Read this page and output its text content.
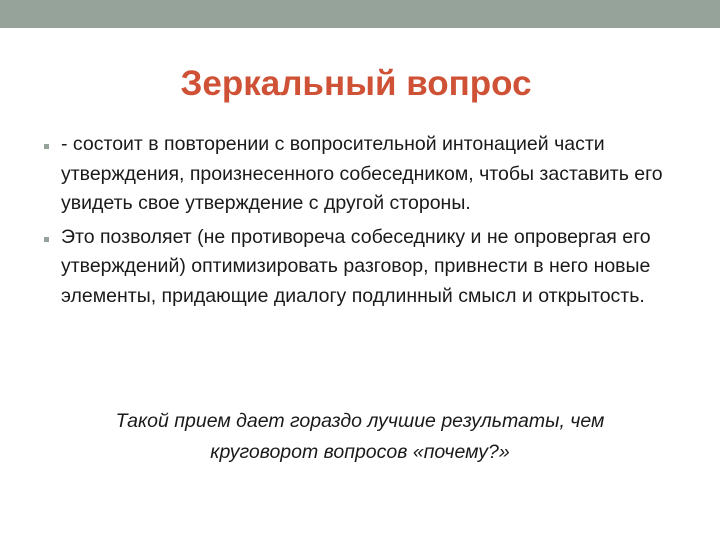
Зеркальный вопрос
- состоит в повторении с вопросительной интонацией части утверждения, произнесенного собеседником, чтобы заставить его увидеть свое утверждение с другой стороны.
Это позволяет (не противореча собеседнику и не опровергая его утверждений) оптимизировать разговор, привнести в него новые элементы, придающие диалогу подлинный смысл и открытость.
Такой прием дает гораздо лучшие результаты, чем
круговорот вопросов «почему?»
